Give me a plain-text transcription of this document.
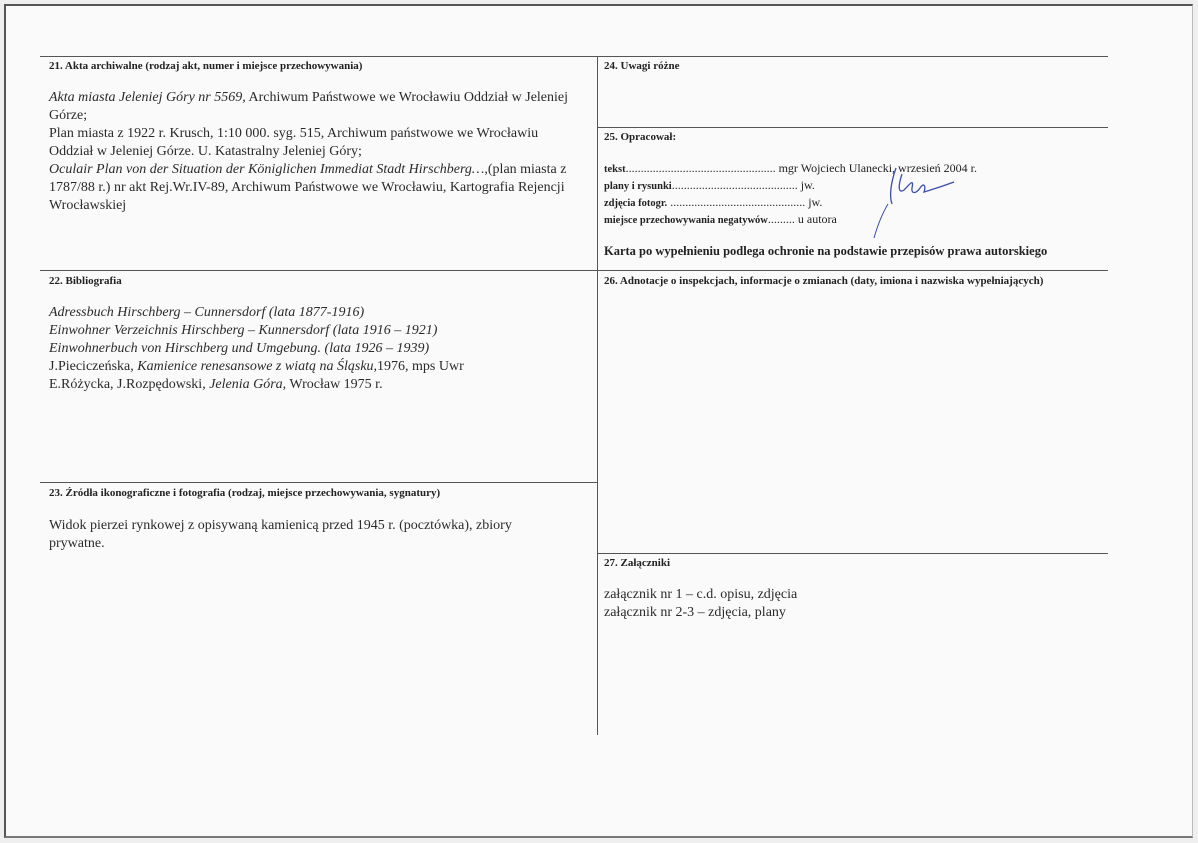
21. Akta archiwalne (rodzaj akt, numer i miejsce przechowywania)

Akta miasta Jeleniej Góry nr 5569, Archiwum Państwowe we Wrocławiu Oddział w Jeleniej Górze;

Plan miasta z 1922 r. Krusch, 1:10 000. syg. 515, Archiwum państwowe we Wrocławiu Oddział w Jeleniej Górze. U. Katastralny Jeleniej Góry;

Oculair Plan von der Situation der Königlichen Immediat Stadt Hirschberg…,(plan miasta z 1787/88 r.) nr akt Rej.Wr.IV-89, Archiwum Państwowe we Wrocławiu, Kartografia Rejencji Wrocławskiej

22. Bibliografia

Adressbuch Hirschberg – Cunnersdorf (lata 1877-1916)

Einwohner Verzeichnis Hirschberg – Kunnersdorf (lata 1916 – 1921)

Einwohnerbuch von Hirschberg und Umgebung. (lata 1926 – 1939)

J.Pieciczeńska, Kamienice renesansowe z wiatą na Śląsku,1976, mps Uwr

E.Różycka, J.Rozpędowski, Jelenia Góra, Wrocław 1975 r.

23. Źródła ikonograficzne i fotografia (rodzaj, miejsce przechowywania, sygnatury)
Widok pierzei rynkowej z opisywaną kamienicą przed 1945 r. (pocztówka), zbiory prywatne.
24. Uwagi różne
25. Opracował:
tekst.................................................. mgr Wojciech Ulanecki, wrzesień 2004 r.
plany i rysunki.......................................... jw.
zdjęcia fotogr. ............................................. jw.
miejsce przechowywania negatywów......... u autora
Karta po wypełnieniu podlega ochronie na podstawie przepisów prawa autorskiego
26. Adnotacje o inspekcjach, informacje o zmianach (daty, imiona i nazwiska wypełniających)
27. Załączniki

załącznik nr 1 – c.d. opisu, zdjęcia

załącznik nr 2-3 – zdjęcia, plany
